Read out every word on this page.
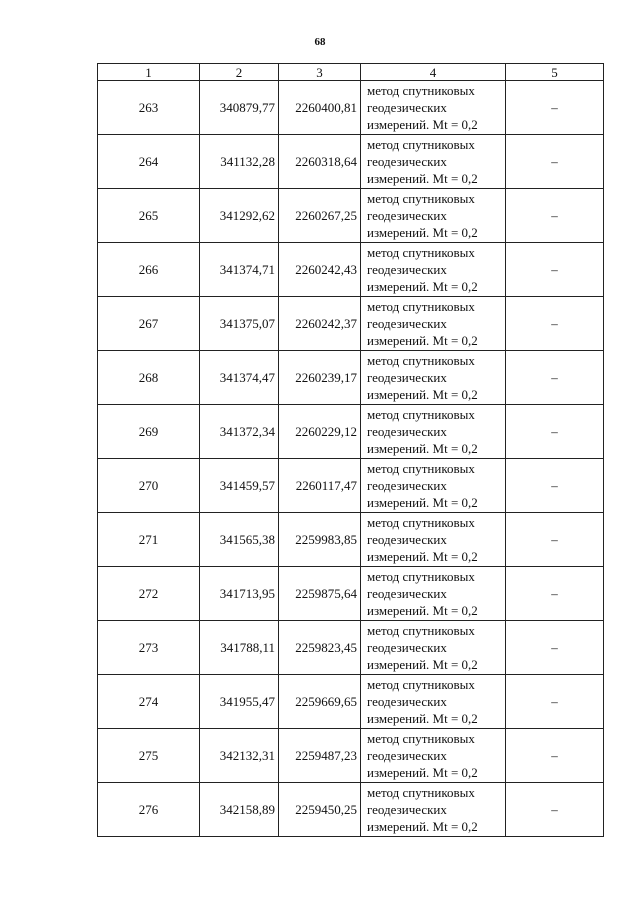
68
1	2	3	4	5
263	340879,77	2260400,81	метод спутниковых
геодезических
измерений. Mt = 0,2	–
264	341132,28	2260318,64	метод спутниковых
геодезических
измерений. Mt = 0,2	–
265	341292,62	2260267,25	метод спутниковых
геодезических
измерений. Mt = 0,2	–
266	341374,71	2260242,43	метод спутниковых
геодезических
измерений. Mt = 0,2	–
267	341375,07	2260242,37	метод спутниковых
геодезических
измерений. Mt = 0,2	–
268	341374,47	2260239,17	метод спутниковых
геодезических
измерений. Mt = 0,2	–
269	341372,34	2260229,12	метод спутниковых
геодезических
измерений. Mt = 0,2	–
270	341459,57	2260117,47	метод спутниковых
геодезических
измерений. Mt = 0,2	–
271	341565,38	2259983,85	метод спутниковых
геодезических
измерений. Mt = 0,2	–
272	341713,95	2259875,64	метод спутниковых
геодезических
измерений. Mt = 0,2	–
273	341788,11	2259823,45	метод спутниковых
геодезических
измерений. Mt = 0,2	–
274	341955,47	2259669,65	метод спутниковых
геодезических
измерений. Mt = 0,2	–
275	342132,31	2259487,23	метод спутниковых
геодезических
измерений. Mt = 0,2	–
276	342158,89	2259450,25	метод спутниковых
геодезических
измерений. Mt = 0,2	–
